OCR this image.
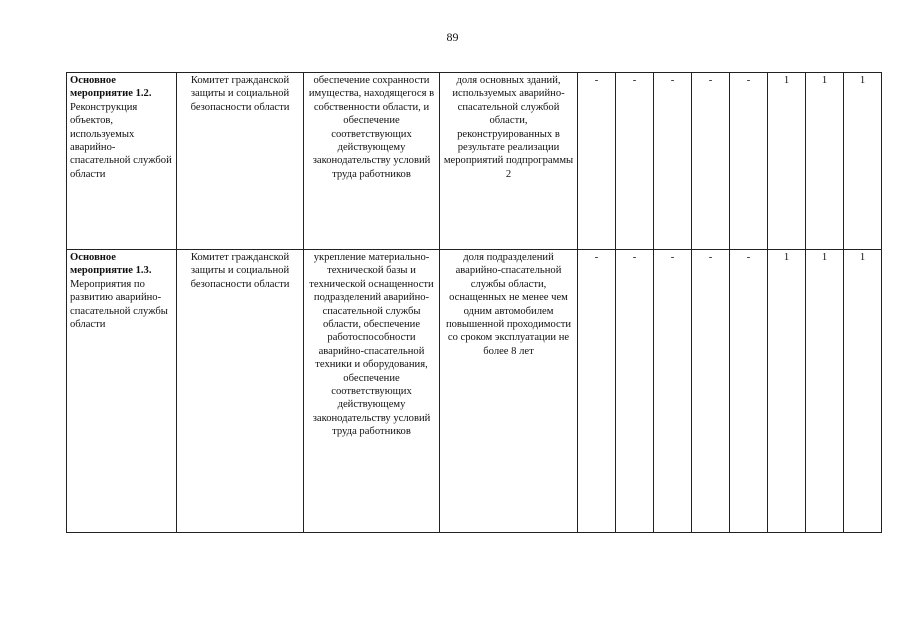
89
Основное мероприятие 1.2. Реконструкция объектов, используемых аварийно-спасательной службой области	Комитет гражданской защиты и социальной безопасности области	обеспечение сохранности имущества, находящегося в собственности области, и обеспечение соответствующих действующему законодательству условий труда работников	доля основных зданий, используемых аварийно-спасательной службой области, реконструированных в результате реализации мероприятий подпрограммы 2	-	-	-	-	-	1	1	1
Основное мероприятие 1.3. Мероприятия по развитию аварийно-спасательной службы области	Комитет гражданской защиты и социальной безопасности области	укрепление материально-технической базы и технической оснащенности подразделений аварийно-спасательной службы области, обеспечение работоспособности аварийно-спасательной техники и оборудования, обеспечение соответствующих действующему законодательству условий труда работников	доля подразделений аварийно-спасательной службы области, оснащенных не менее чем одним автомобилем повышенной проходимости со сроком эксплуатации не более 8 лет	-	-	-	-	-	1	1	1
